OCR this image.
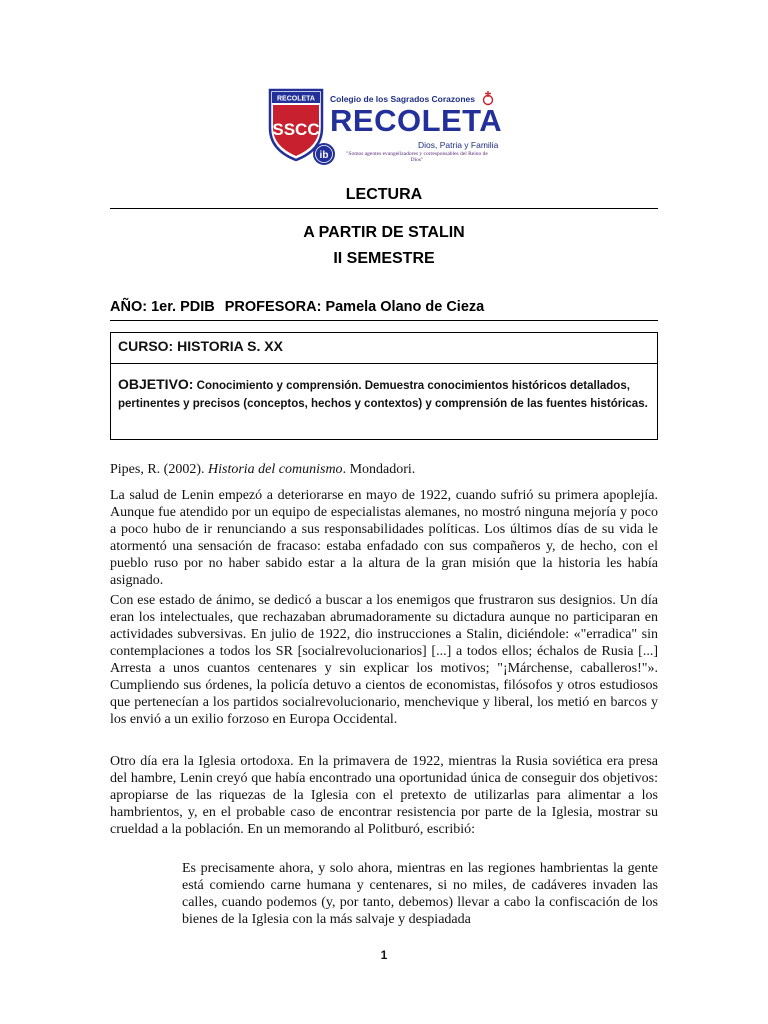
RECOLETA
SSCC
Colegio de los Sagrados Corazones
RECOLETA
Dios, Patria y Familia
ib	"Somos agentes evangelizadores y corresponsables del Reino de Dios"
LECTURA
A PARTIR DE STALIN
II SEMESTRE
AÑO: 1er. PDIB PROFESORA: Pamela Olano de Cieza
CURSO: HISTORIA S. XX
OBJETIVO: Conocimiento y comprensión. Demuestra conocimientos históricos detallados, pertinentes y precisos (conceptos, hechos y contextos) y comprensión de las fuentes históricas.
Pipes, R. (2002). Historia del comunismo. Mondadori.
La salud de Lenin empezó a deteriorarse en mayo de 1922, cuando sufrió su primera apoplejía. Aunque fue atendido por un equipo de especialistas alemanes, no mostró ninguna mejoría y poco a poco hubo de ir renunciando a sus responsabilidades políticas. Los últimos días de su vida le atormentó una sensación de fracaso: estaba enfadado con sus compañeros y, de hecho, con el pueblo ruso por no haber sabido estar a la altura de la gran misión que la historia les había asignado.
Con ese estado de ánimo, se dedicó a buscar a los enemigos que frustraron sus designios. Un día eran los intelectuales, que rechazaban abrumadoramente su dictadura aunque no participaran en actividades subversivas. En julio de 1922, dio instrucciones a Stalin, diciéndole: «"erradica" sin contemplaciones a todos los SR [socialrevolucionarios] [...] a todos ellos; échalos de Rusia [...] Arresta a unos cuantos centenares y sin explicar los motivos; "¡Márchense, caballeros!"». Cumpliendo sus órdenes, la policía detuvo a cientos de economistas, filósofos y otros estudiosos que pertenecían a los partidos socialrevolucionario, menchevique y liberal, los metió en barcos y los envió a un exilio forzoso en Europa Occidental.
Otro día era la Iglesia ortodoxa. En la primavera de 1922, mientras la Rusia soviética era presa del hambre, Lenin creyó que había encontrado una oportunidad única de conseguir dos objetivos: apropiarse de las riquezas de la Iglesia con el pretexto de utilizarlas para alimentar a los hambrientos, y, en el probable caso de encontrar resistencia por parte de la Iglesia, mostrar su crueldad a la población. En un memorando al Politburó, escribió:
Es precisamente ahora, y solo ahora, mientras en las regiones hambrientas la gente está comiendo carne humana y centenares, si no miles, de cadáveres invaden las calles, cuando podemos (y, por tanto, debemos) llevar a cabo la confiscación de los bienes de la Iglesia con la más salvaje y despiadada
1
